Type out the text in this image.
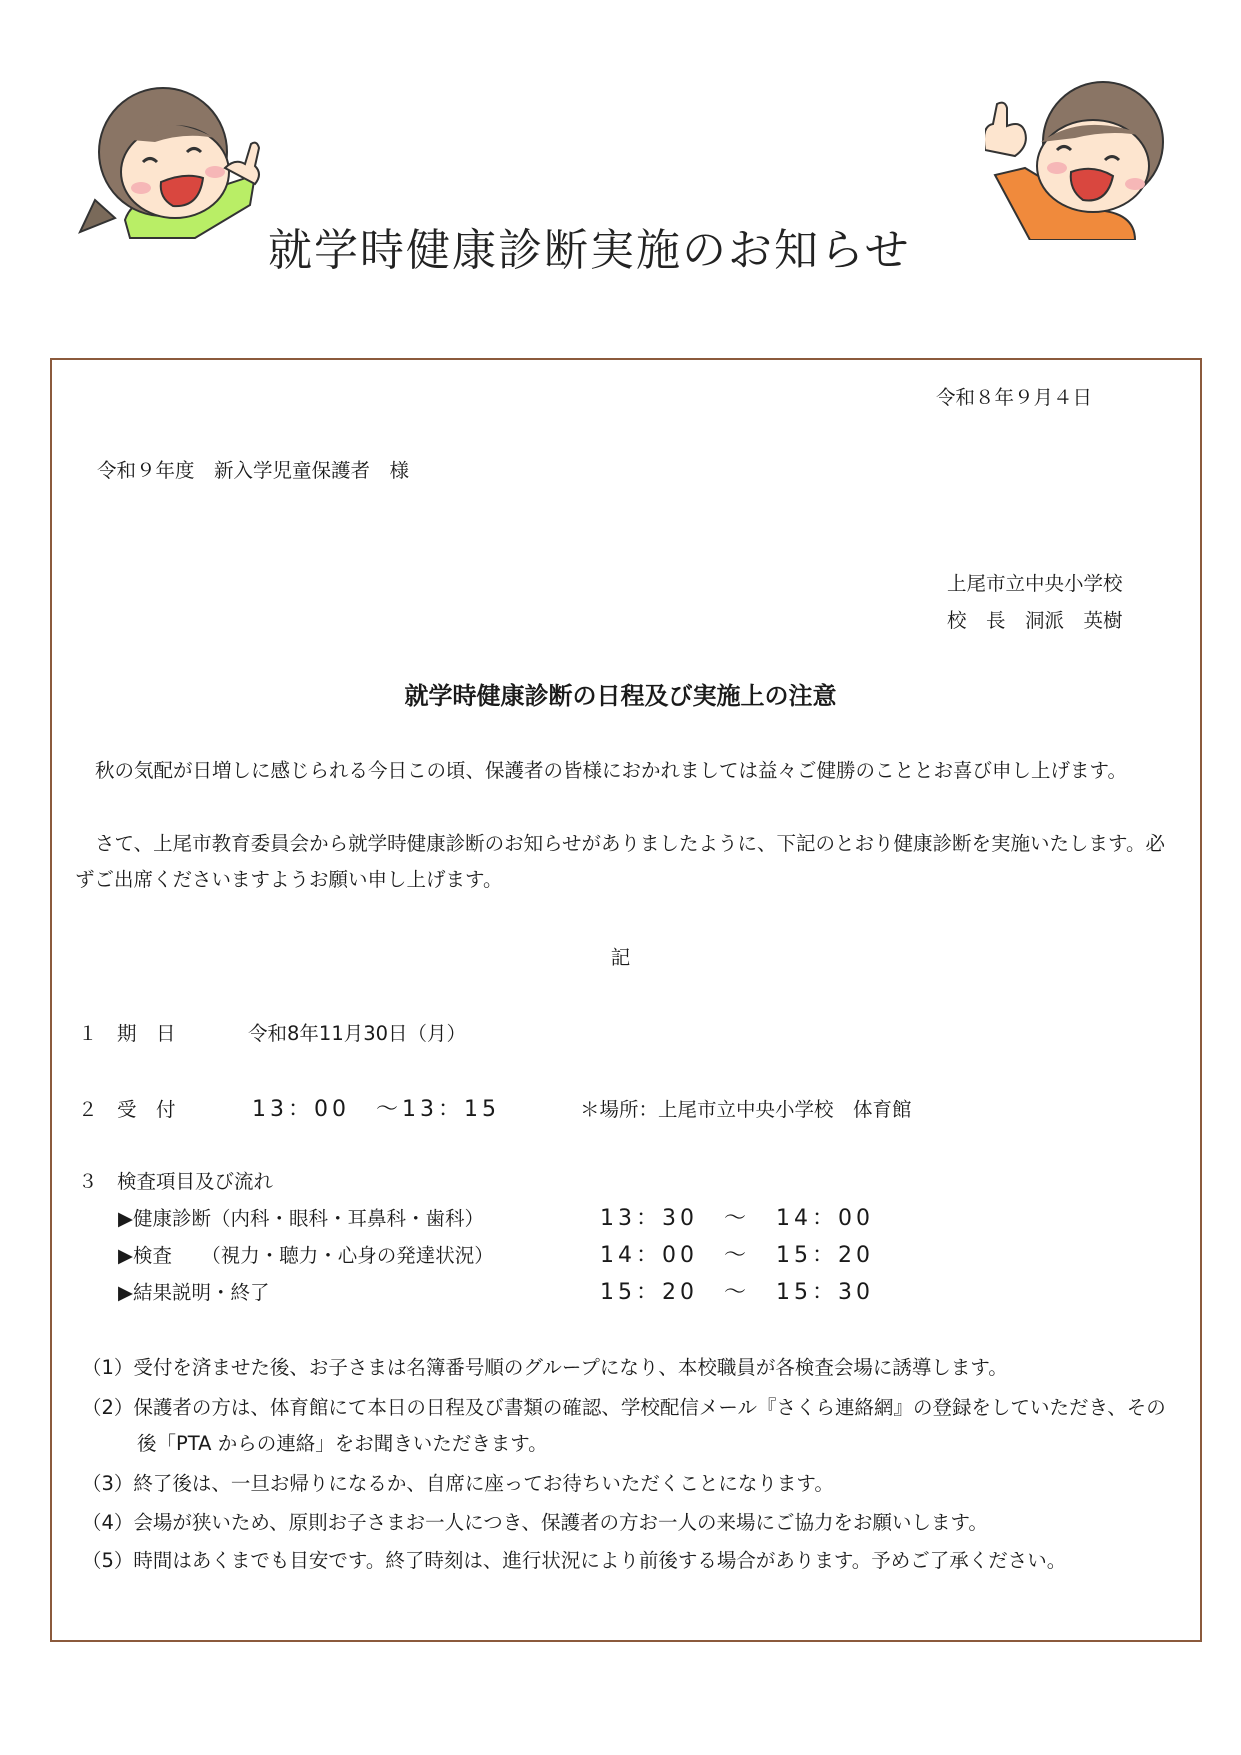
就学時健康診断実施のお知らせ
令和８年９月４日
令和９年度　新入学児童保護者　様
上尾市立中央小学校
校　長　洞派　英樹
就学時健康診断の日程及び実施上の注意
秋の気配が日増しに感じられる今日この頃、保護者の皆様におかれましては益々ご健勝のこととお喜び申し上げます。
さて、上尾市教育委員会から就学時健康診断のお知らせがありましたように、下記のとおり健康診断を実施いたします。必ずご出席くださいますようお願い申し上げます。
記
１　期　日	令和8年11月30日（月）
２　受　付	13：00　～13：15	＊場所：上尾市立中央小学校　体育館
３　検査項目及び流れ
▶健康診断（内科・眼科・耳鼻科・歯科）	13：30　～　14：00
▶検査　　（視力・聴力・心身の発達状況）	14：00　～　15：20
▶結果説明・終了	15：20　～　15：30
（1）受付を済ませた後、お子さまは名簿番号順のグループになり、本校職員が各検査会場に誘導します。
（2）保護者の方は、体育館にて本日の日程及び書類の確認、学校配信メール『さくら連絡網』の登録をしていただき、その後「PTA からの連絡」をお聞きいただきます。
（3）終了後は、一旦お帰りになるか、自席に座ってお待ちいただくことになります。
（4）会場が狭いため、原則お子さまお一人につき、保護者の方お一人の来場にご協力をお願いします。
（5）時間はあくまでも目安です。終了時刻は、進行状況により前後する場合があります。予めご了承ください。
